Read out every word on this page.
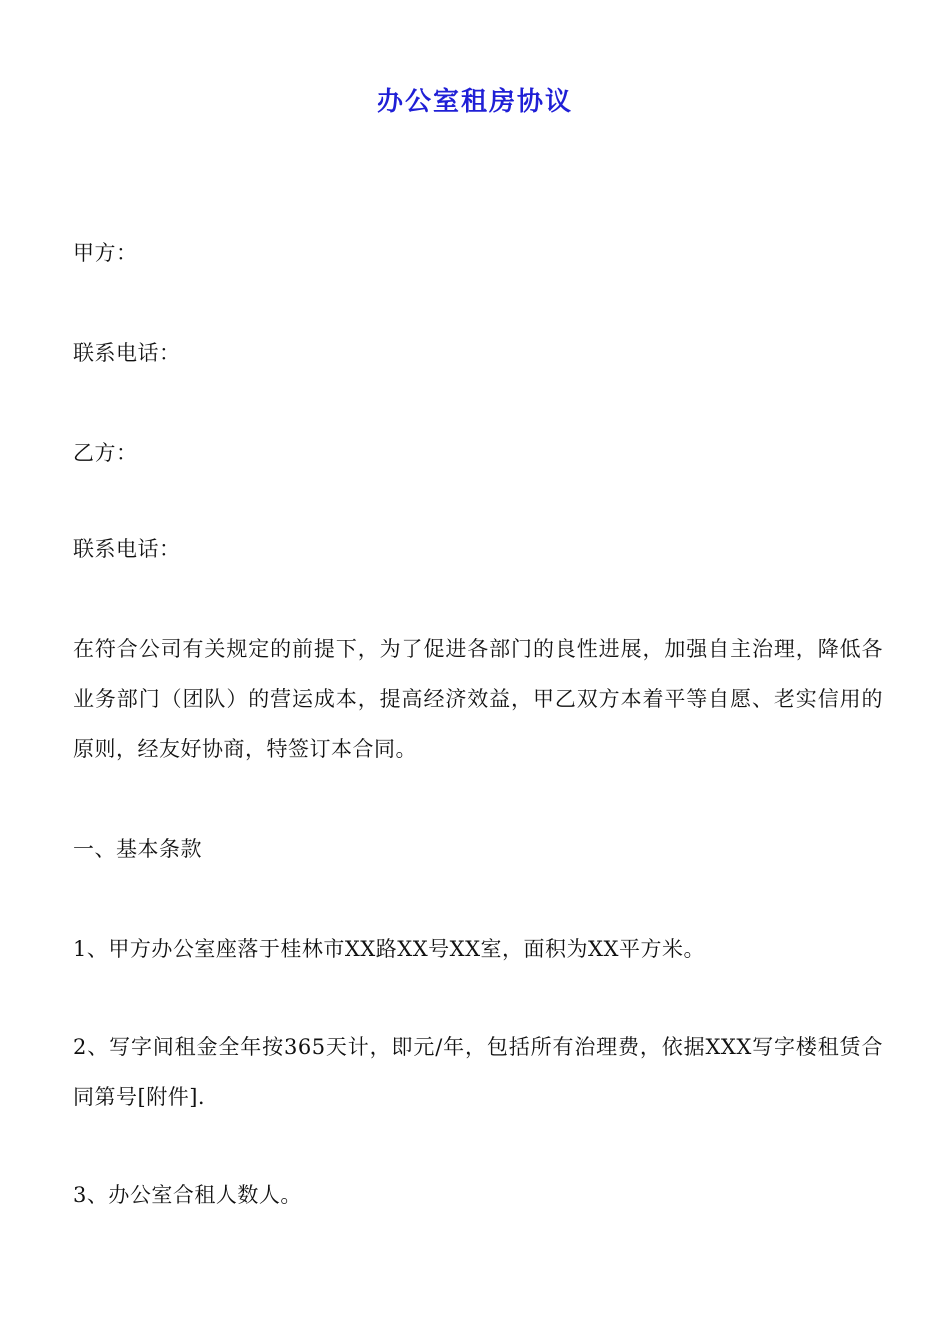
办公室租房协议
甲方：
联系电话：
乙方：
联系电话：
在符合公司有关规定的前提下，为了促进各部门的良性进展，加强自主治理，降低各业务部门（团队）的营运成本，提高经济效益，甲乙双方本着平等自愿、老实信用的原则，经友好协商，特签订本合同。
一、基本条款
1、甲方办公室座落于桂林市XX路XX号XX室，面积为XX平方米。
2、写字间租金全年按365天计，即元/年，包括所有治理费，依据XXX写字楼租赁合同第号[附件].
3、办公室合租人数人。
